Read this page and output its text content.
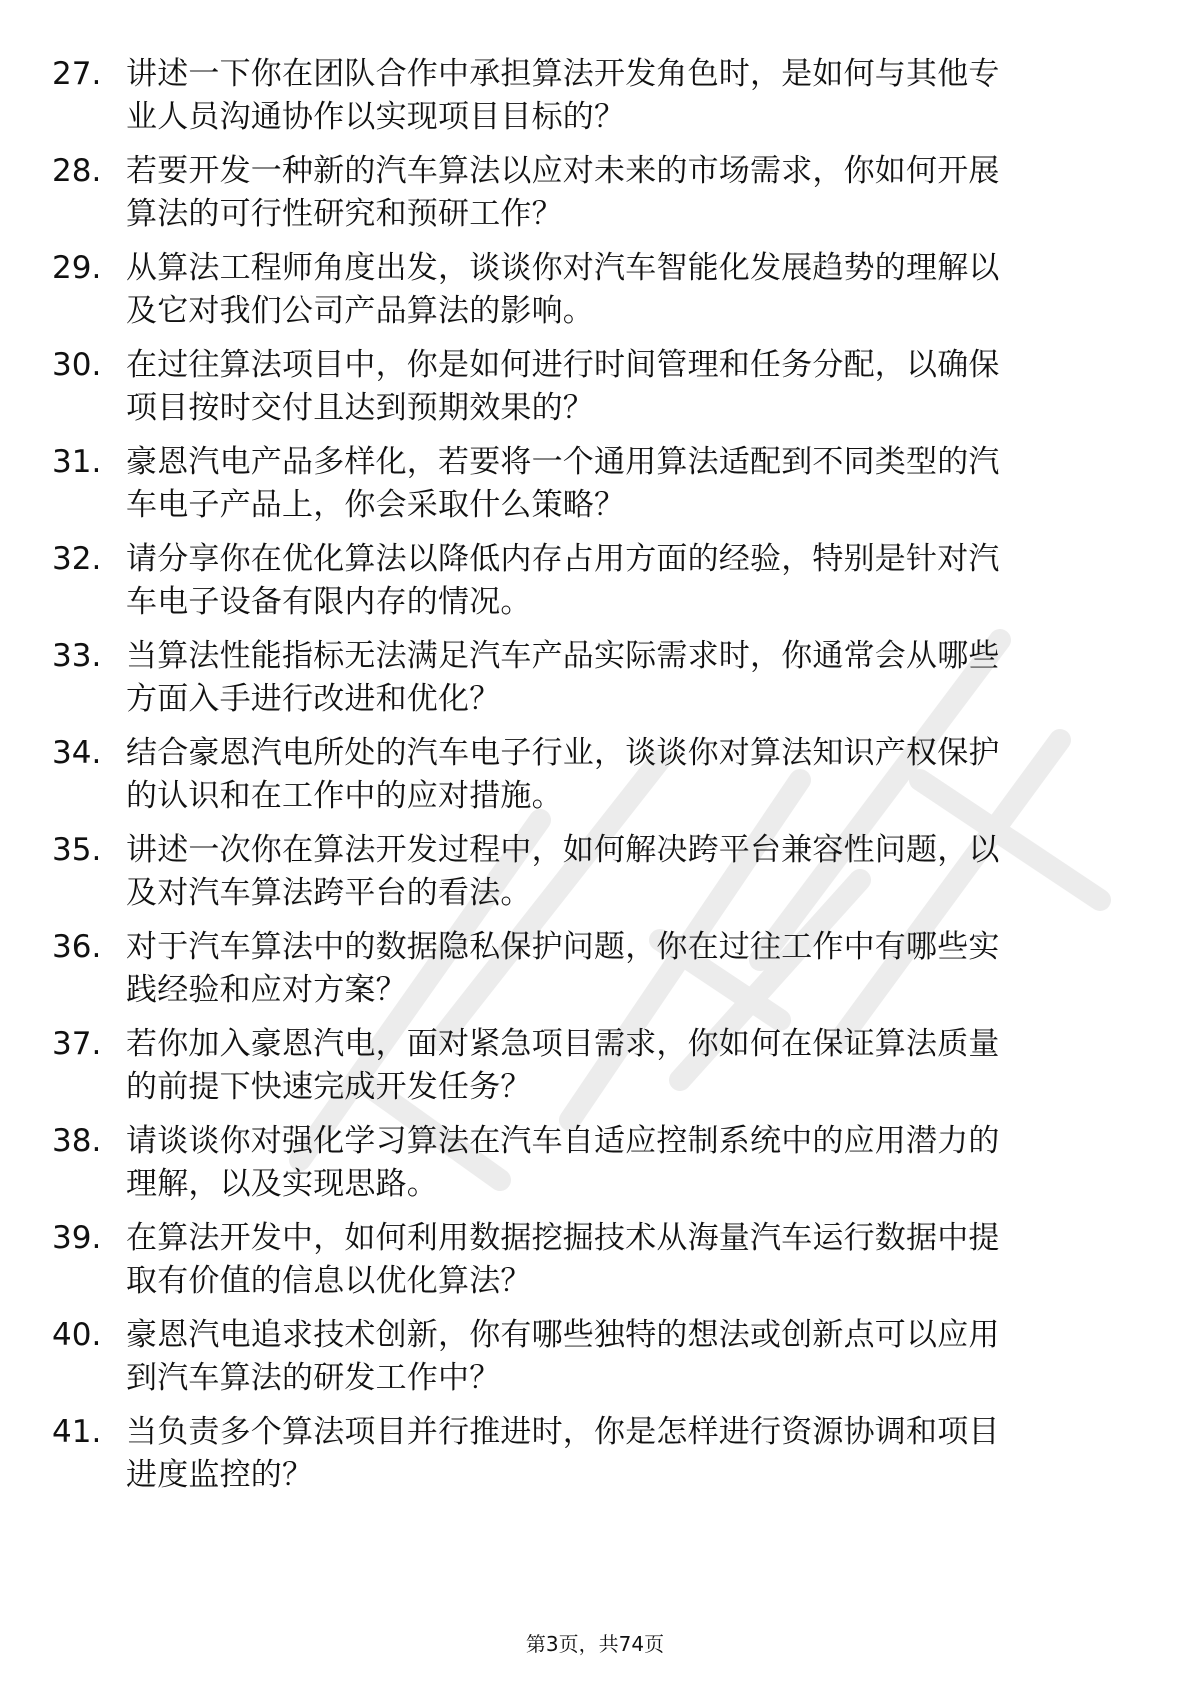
27. 讲述一下你在团队合作中承担算法开发角色时，是如何与其他专
业人员沟通协作以实现项目目标的？
28. 若要开发一种新的汽车算法以应对未来的市场需求，你如何开展
算法的可行性研究和预研工作？
29. 从算法工程师角度出发，谈谈你对汽车智能化发展趋势的理解以
及它对我们公司产品算法的影响。
30. 在过往算法项目中，你是如何进行时间管理和任务分配，以确保
项目按时交付且达到预期效果的？
31. 豪恩汽电产品多样化，若要将一个通用算法适配到不同类型的汽
车电子产品上，你会采取什么策略？
32. 请分享你在优化算法以降低内存占用方面的经验，特别是针对汽
车电子设备有限内存的情况。
33. 当算法性能指标无法满足汽车产品实际需求时，你通常会从哪些
方面入手进行改进和优化？
34. 结合豪恩汽电所处的汽车电子行业，谈谈你对算法知识产权保护
的认识和在工作中的应对措施。
35. 讲述一次你在算法开发过程中，如何解决跨平台兼容性问题，以
及对汽车算法跨平台的看法。
36. 对于汽车算法中的数据隐私保护问题，你在过往工作中有哪些实
践经验和应对方案？
37. 若你加入豪恩汽电，面对紧急项目需求，你如何在保证算法质量
的前提下快速完成开发任务？
38. 请谈谈你对强化学习算法在汽车自适应控制系统中的应用潜力的
理解，以及实现思路。
39. 在算法开发中，如何利用数据挖掘技术从海量汽车运行数据中提
取有价值的信息以优化算法？
40. 豪恩汽电追求技术创新，你有哪些独特的想法或创新点可以应用
到汽车算法的研发工作中？
41. 当负责多个算法项目并行推进时，你是怎样进行资源协调和项目
进度监控的？
第3页，共74页
